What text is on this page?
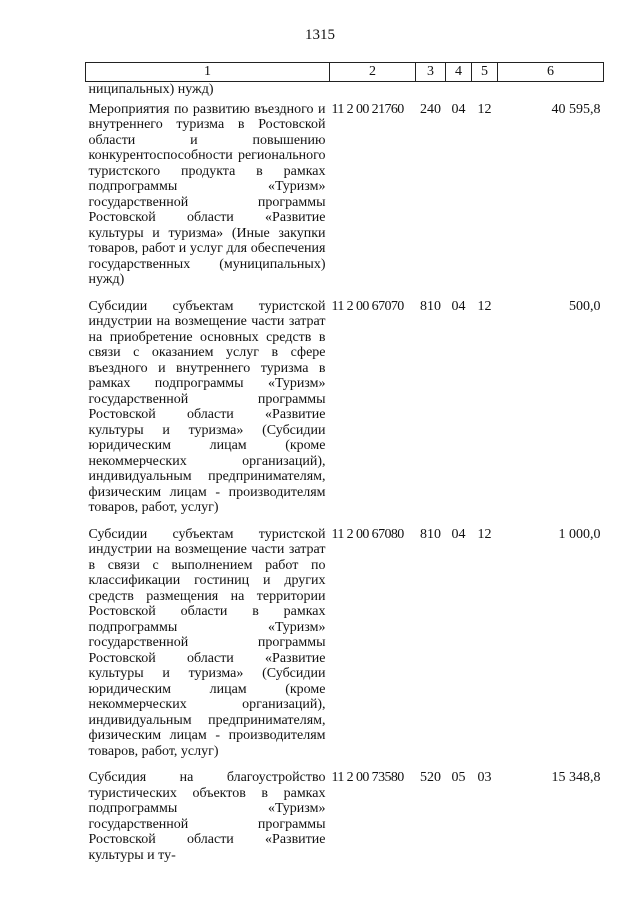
1315
1	2	3	4	5	6
ниципальных) нужд)					
Мероприятия по развитию въездного и внутреннего туризма в Ростовской области и повышению конкурентоспособности регионального туристского продукта в рамках подпрограммы «Туризм» государственной программы Ростовской области «Развитие культуры и туризма» (Иные закупки товаров, работ и услуг для обеспечения государственных (муниципальных) нужд)	11 2 00 21760	240	04	12	40 595,8
Субсидии субъектам туристской индустрии на возмещение части затрат на приобретение основных средств в связи с оказанием услуг в сфере въездного и внутреннего туризма в рамках подпрограммы «Туризм» государственной программы Ростовской области «Развитие культуры и туризма» (Субсидии юридическим лицам (кроме некоммерческих организаций), индивидуальным предпринимателям, физическим лицам - производителям товаров, работ, услуг)	11 2 00 67070	810	04	12	500,0
Субсидии субъектам туристской индустрии на возмещение части затрат в связи с выполнением работ по классификации гостиниц и других средств размещения на территории Ростовской области в рамках подпрограммы «Туризм» государственной программы Ростовской области «Развитие культуры и туризма» (Субсидии юридическим лицам (кроме некоммерческих организаций), индивидуальным предпринимателям, физическим лицам - производителям товаров, работ, услуг)	11 2 00 67080	810	04	12	1 000,0
Субсидия на благоустройство туристических объектов в рамках подпрограммы «Туризм» государственной программы Ростовской области «Развитие культуры и ту-	11 2 00 73580	520	05	03	15 348,8
